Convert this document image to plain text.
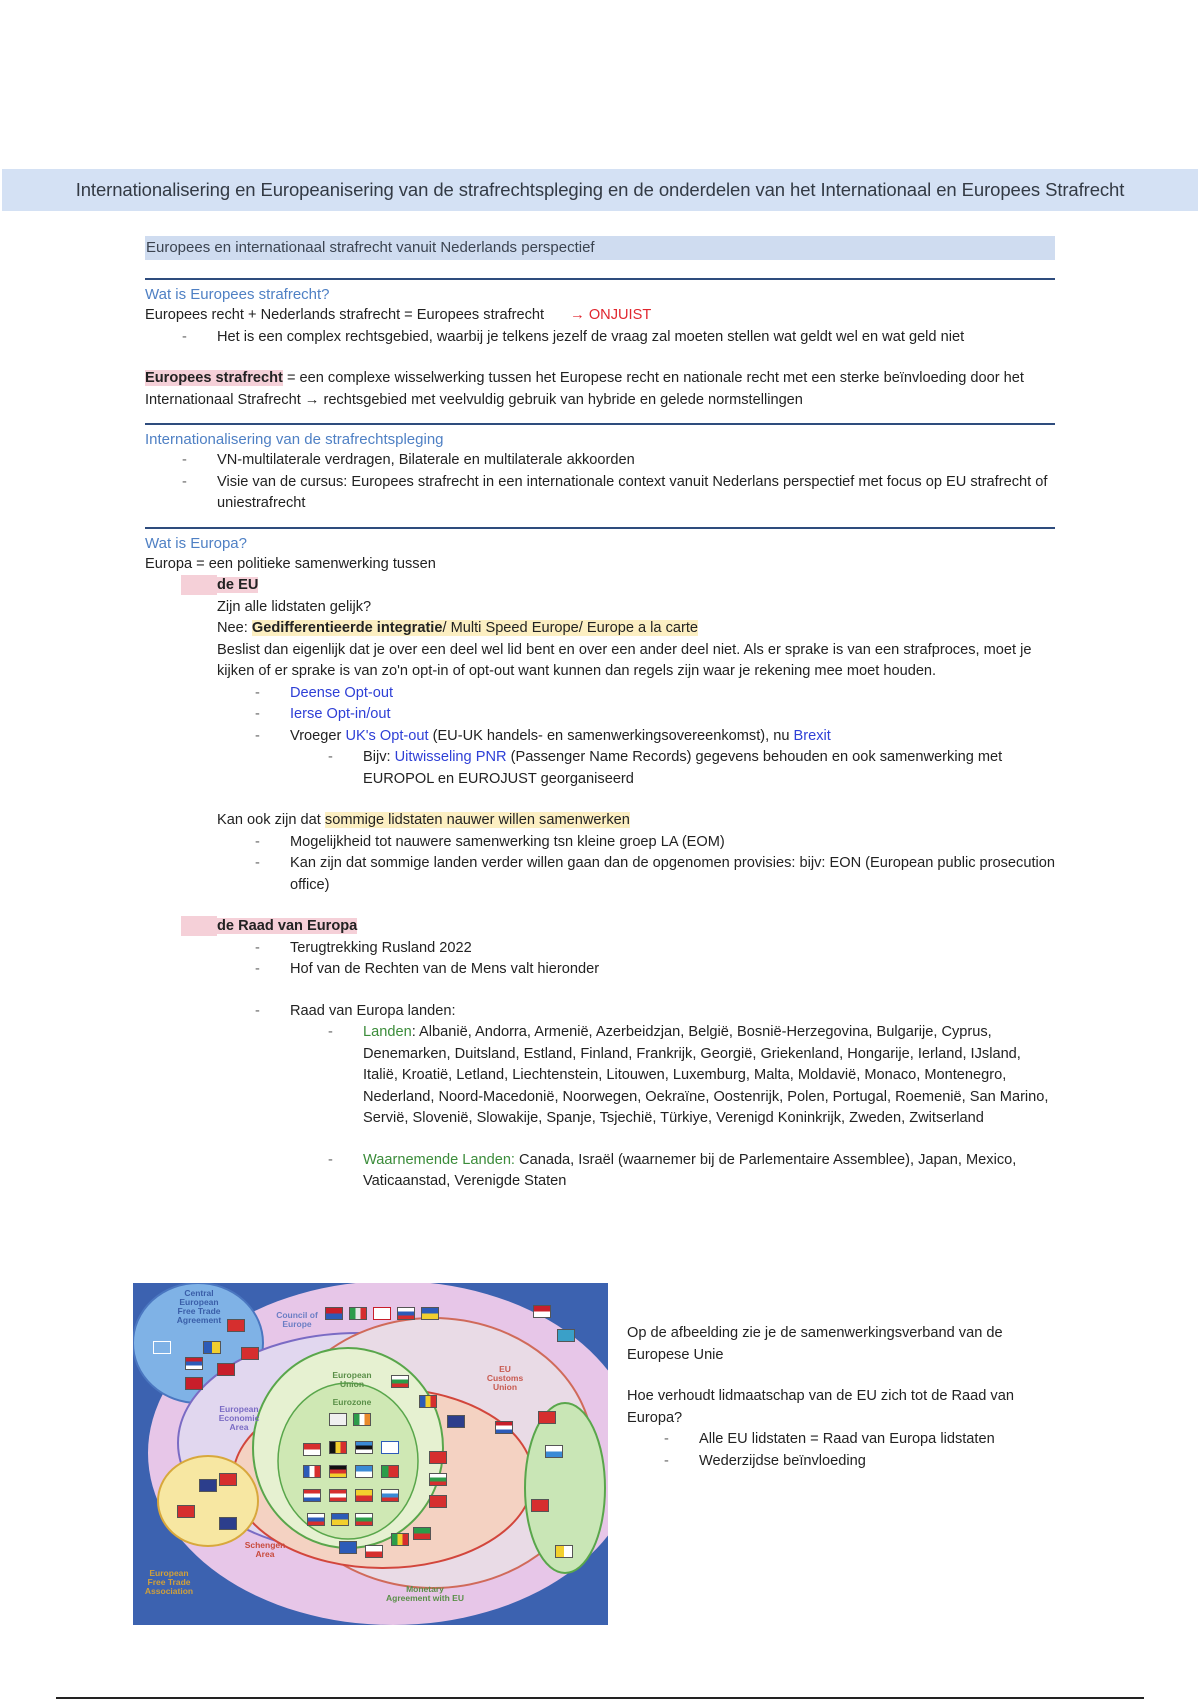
Internationalisering en Europeanisering van de strafrechtspleging en de onderdelen van het Internationaal en Europees Strafrecht
Europees en internationaal strafrecht vanuit Nederlands perspectief
Wat is Europees strafrecht?

Europees recht + Nederlands strafrecht = Europees strafrecht → ONJUIST

- Het is een complex rechtsgebied, waarbij je telkens jezelf de vraag zal moeten stellen wat geldt wel en wat geld niet

Europees strafrecht = een complexe wisselwerking tussen het Europese recht en nationale recht met een sterke beïnvloeding door het Internationaal Strafrecht → rechtsgebied met veelvuldig gebruik van hybride en gelede normstellingen

Internationalisering van de strafrechtspleging
- VN-multilaterale verdragen, Bilaterale en multilaterale akkoorden
- Visie van de cursus: Europees strafrecht in een internationale context vanuit Nederlans perspectief met focus op EU strafrecht of uniestrafrecht
Wat is Europa?

Europa = een politieke samenwerking tussen

de EU

Zijn alle lidstaten gelijk?

Nee: Gedifferentieerde integratie/ Multi Speed Europe/ Europe a la carte

Beslist dan eigenlijk dat je over een deel wel lid bent en over een ander deel niet. Als er sprake is van een strafproces, moet je kijken of er sprake is van zo'n opt-in of opt-out want kunnen dan regels zijn waar je rekening mee moet houden.

- Deense Opt-out
- Ierse Opt-in/out
- Vroeger UK's Opt-out (EU-UK handels- en samenwerkingsovereenkomst), nu Brexit
- Bijv: Uitwisseling PNR (Passenger Name Records) gegevens behouden en ook samenwerking met EUROPOL en EUROJUST georganiseerd

Kan ook zijn dat sommige lidstaten nauwer willen samenwerken

- Mogelijkheid tot nauwere samenwerking tsn kleine groep LA (EOM)
- Kan zijn dat sommige landen verder willen gaan dan de opgenomen provisies: bijv: EON (European public prosecution office)
de Raad van Europa
- Terugtrekking Rusland 2022
- Hof van de Rechten van de Mens valt hieronder
- Raad van Europa landen:
- Landen: Albanië, Andorra, Armenië, Azerbeidzjan, België, Bosnië-Herzegovina, Bulgarije, Cyprus, Denemarken, Duitsland, Estland, Finland, Frankrijk, Georgië, Griekenland, Hongarije, Ierland, IJsland, Italië, Kroatië, Letland, Liechtenstein, Litouwen, Luxemburg, Malta, Moldavië, Monaco, Montenegro, Nederland, Noord-Macedonië, Noorwegen, Oekraïne, Oostenrijk, Polen, Portugal, Roemenië, San Marino, Servië, Slovenië, Slowakije, Spanje, Tsjechië, Türkiye, Verenigd Koninkrijk, Zweden, Zwitserland
- Waarnemende Landen: Canada, Israël (waarnemer bij de Parlementaire Assemblee), Japan, Mexico, Vaticaanstad, Verenigde Staten
Central European Free Trade Agreement	Council of Europe
European Union
Eurozone
European Economic Area
EU Customs Union
Schengen Area
European Free Trade Association	Monetary Agreement with EU

Op de afbeelding zie je de samenwerkingsverband van de Europese Unie

Hoe verhoudt lidmaatschap van de EU zich tot de Raad van Europa?

- Alle EU lidstaten = Raad van Europa lidstaten
- Wederzijdse beïnvloeding
